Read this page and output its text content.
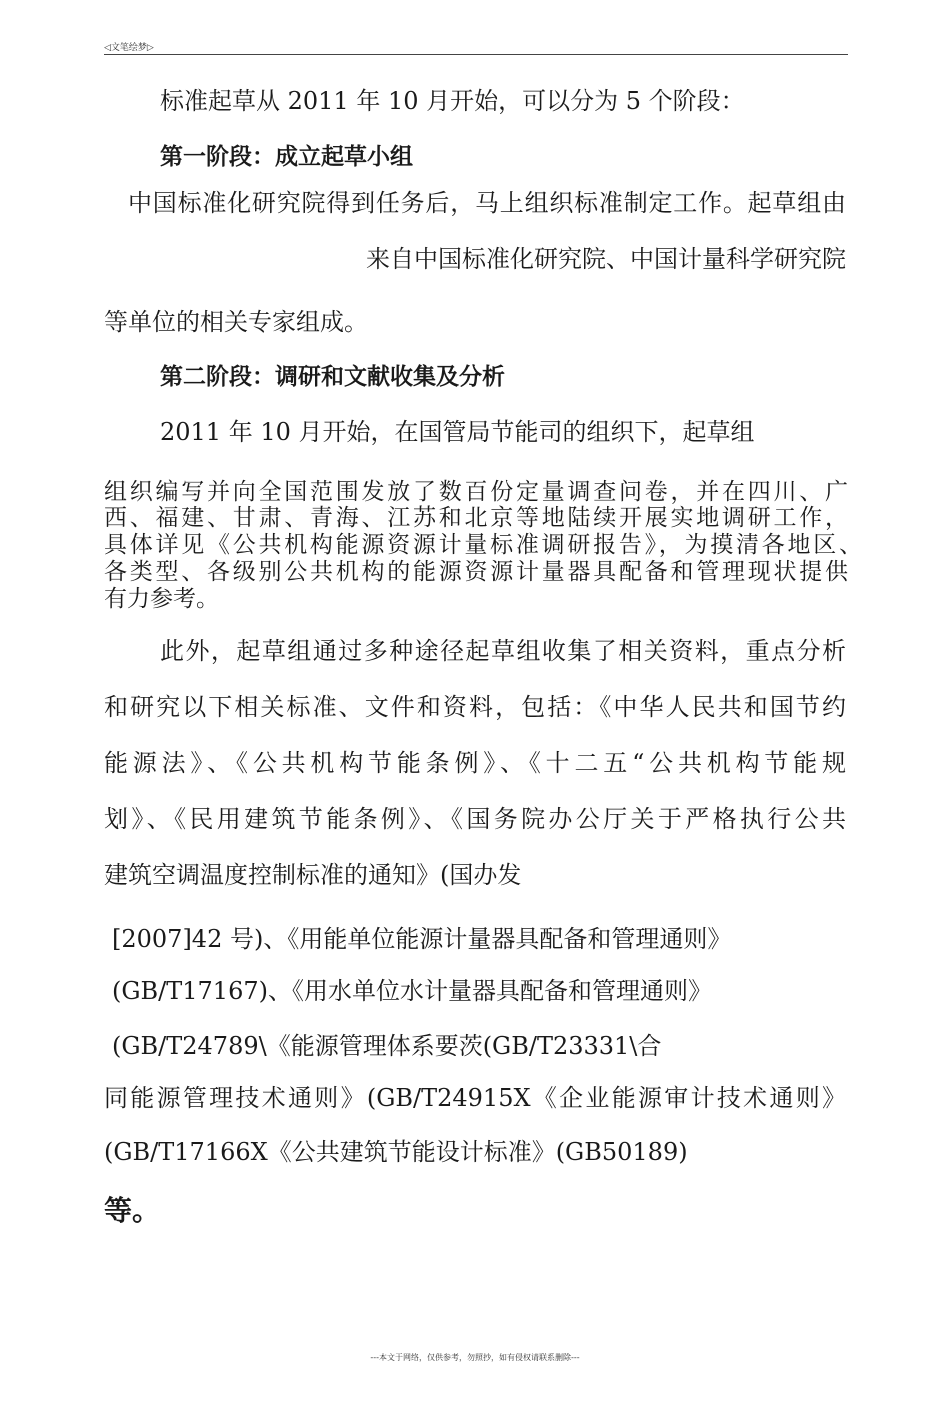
◁文笔绘梦▷
标准起草从 2011 年 10 月开始，可以分为 5 个阶段：
第一阶段：成立起草小组
中国标准化研究院得到任务后，马上组织标准制定工作。起草组由
来自中国标准化研究院、中国计量科学研究院
等单位的相关专家组成。
第二阶段：调研和文献收集及分析
2011 年 10 月开始，在国管局节能司的组织下，起草组
组织编写并向全国范围发放了数百份定量调查问卷，并在四川、广
西、福建、甘肃、青海、江苏和北京等地陆续开展实地调研工作，
具体详见《公共机构能源资源计量标准调研报告》，为摸清各地区、
各类型、各级别公共机构的能源资源计量器具配备和管理现状提供
有力参考。
此外，起草组通过多种途径起草组收集了相关资料，重点分析
和研究以下相关标准、文件和资料，包括：《中华人民共和国节约
能源法》、《公共机构节能条例》、《十二五“公共机构节能规
划》、《民用建筑节能条例》、《国务院办公厅关于严格执行公共
建筑空调温度控制标准的通知》(国办发
[2007]42 号)、《用能单位能源计量器具配备和管理通则》
(GB/T17167)、《用水单位水计量器具配备和管理通则》
(GB/T24789\《能源管理体系要茨(GB/T23331\合
同能源管理技术通则》(GB/T24915X《企业能源审计技术通则》
(GB/T17166X《公共建筑节能设计标准》(GB50189)
等。
---本文于网络，仅供参考，勿照抄，如有侵权请联系删除---
